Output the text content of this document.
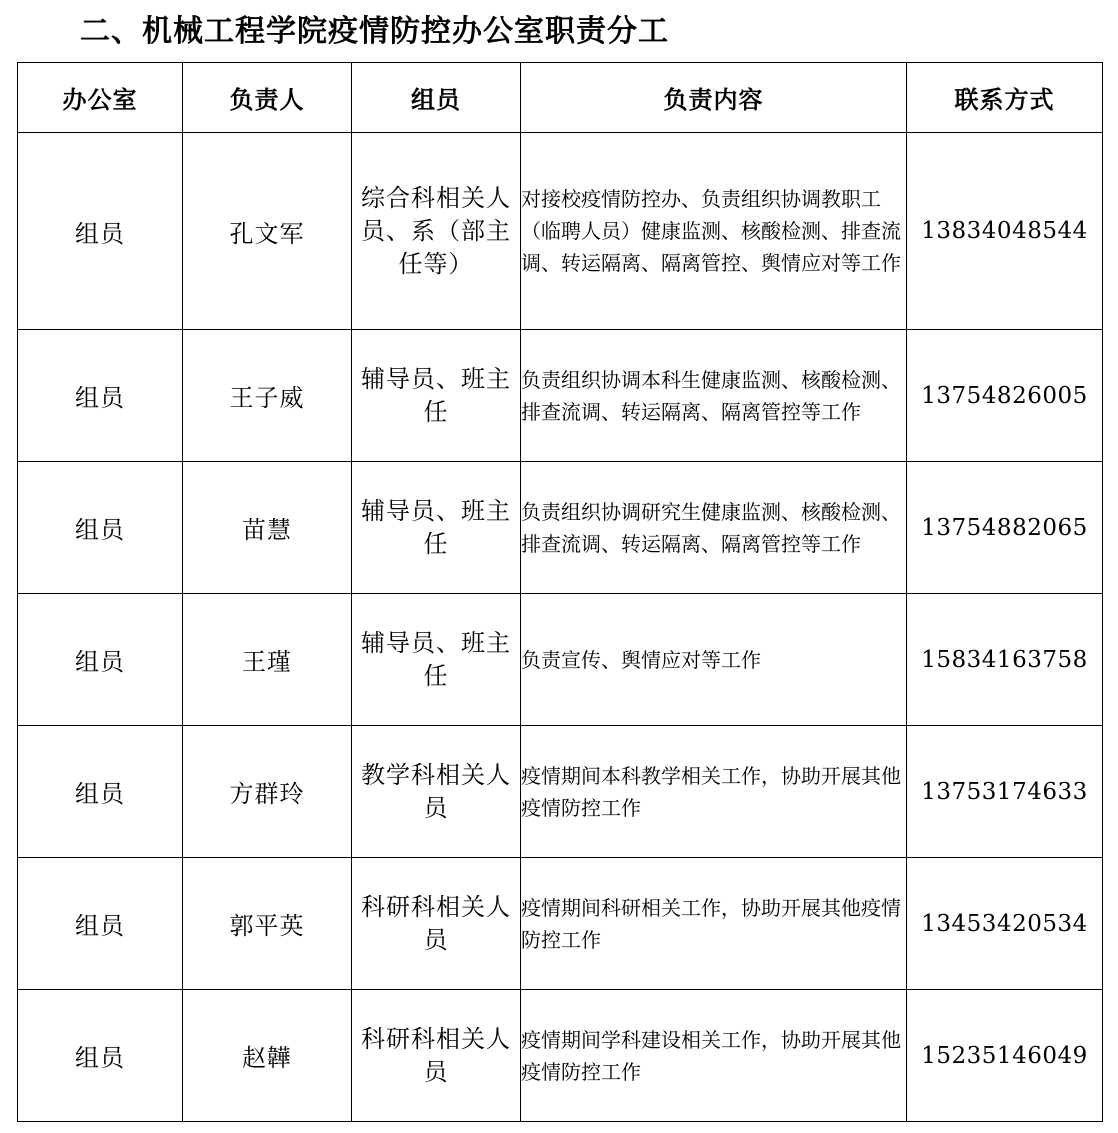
二、机械工程学院疫情防控办公室职责分工
办公室	负责人	组员	负责内容	联系方式
组员	孔文军	综合科相关人员、系（部主任等）	对接校疫情防控办、负责组织协调教职工（临聘人员）健康监测、核酸检测、排查流调、转运隔离、隔离管控、舆情应对等工作	13834048544
组员	王子威	辅导员、班主任	负责组织协调本科生健康监测、核酸检测、排查流调、转运隔离、隔离管控等工作	13754826005
组员	苗慧	辅导员、班主任	负责组织协调研究生健康监测、核酸检测、排查流调、转运隔离、隔离管控等工作	13754882065
组员	王瑾	辅导员、班主任	负责宣传、舆情应对等工作	15834163758
组员	方群玲	教学科相关人员	疫情期间本科教学相关工作，协助开展其他疫情防控工作	13753174633
组员	郭平英	科研科相关人员	疫情期间科研相关工作，协助开展其他疫情防控工作	13453420534
组员	赵韡	科研科相关人员	疫情期间学科建设相关工作，协助开展其他疫情防控工作	15235146049
